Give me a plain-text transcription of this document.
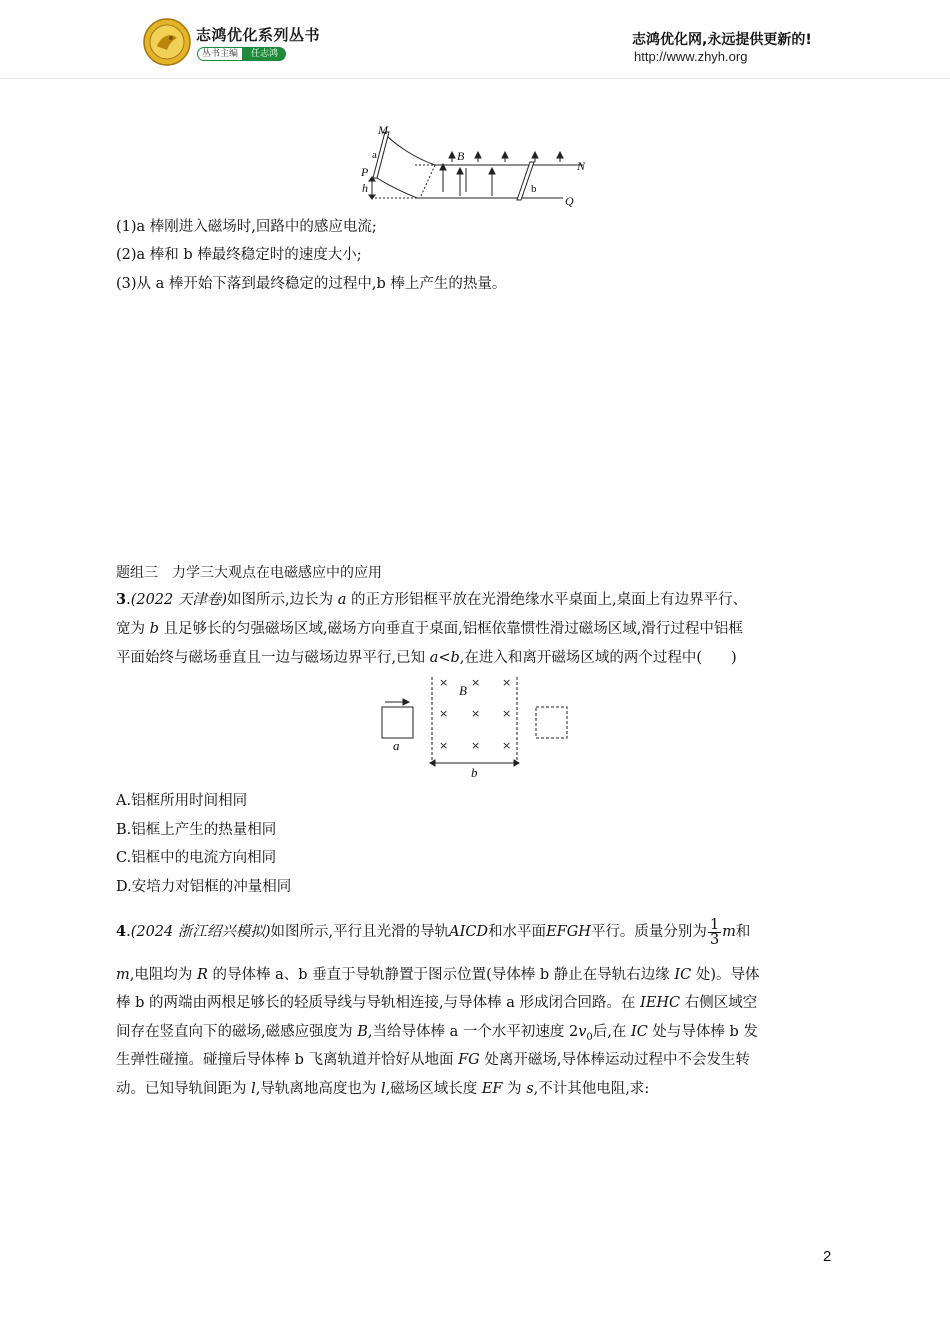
志鸿优化系列丛书
丛书主编	任志鸿
志鸿优化网,永远提供更新的!
http://www.zhyh.org
M
a
P
h
B
N
b
Q
(1)a 棒刚进入磁场时,回路中的感应电流;
(2)a 棒和 b 棒最终稳定时的速度大小;
(3)从 a 棒开始下落到最终稳定的过程中,b 棒上产生的热量。
题组三　力学三大观点在电磁感应中的应用
3.(2022 天津卷)如图所示,边长为 a 的正方形铝框平放在光滑绝缘水平桌面上,桌面上有边界平行、
宽为 b 且足够长的匀强磁场区域,磁场方向垂直于桌面,铝框依靠惯性滑过磁场区域,滑行过程中铝框
平面始终与磁场垂直且一边与磁场边界平行,已知 a<b,在进入和离开磁场区域的两个过程中(　　)
× × ×
× × ×
× × ×
B
a
b
A.铝框所用时间相同
B.铝框上产生的热量相同
C.铝框中的电流方向相同
D.安培力对铝框的冲量相同
4 . (2024 浙江绍兴模拟) 如图所示,平行且光滑的导轨 AICD 和水平面 EFGH 平行。质量分别为 $\frac{1}{3}$ m 和
m,电阻均为 R 的导体棒 a、b 垂直于导轨静置于图示位置(导体棒 b 静止在导轨右边缘 IC 处)。导体
棒 b 的两端由两根足够长的轻质导线与导轨相连接,与导体棒 a 形成闭合回路。在 IEHC 右侧区域空
间存在竖直向下的磁场,磁感应强度为 B,当给导体棒 a 一个水平初速度 $2v_0$后,在 IC 处与导体棒 b 发
生弹性碰撞。碰撞后导体棒 b 飞离轨道并恰好从地面 FG 处离开磁场,导体棒运动过程中不会发生转
动。已知导轨间距为 l,导轨离地高度也为 l,磁场区域长度 EF 为 s,不计其他电阻,求:
2
